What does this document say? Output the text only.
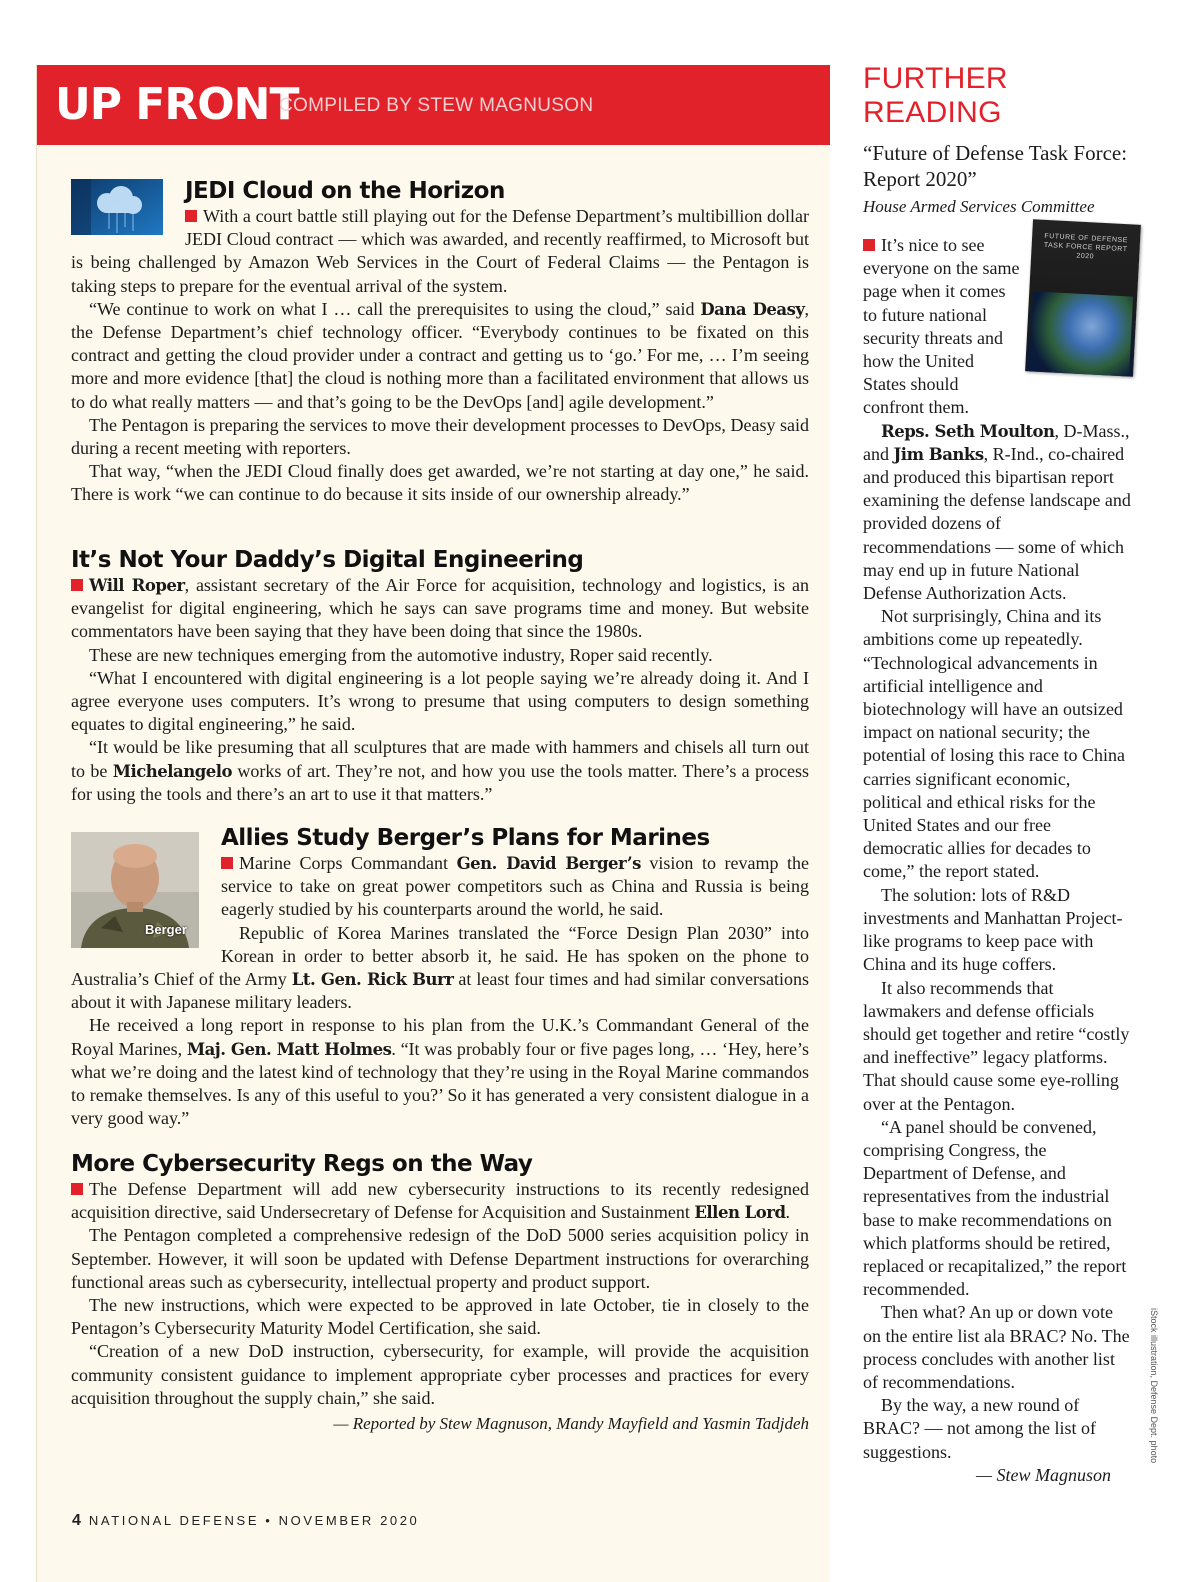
UP FRONT
COMPILED BY STEW MAGNUSON
JEDI Cloud on the Horizon

With a court battle still playing out for the Defense Department’s multibillion dollar JEDI Cloud contract — which was awarded, and recently reaffirmed, to Microsoft but is being challenged by Amazon Web Services in the Court of Federal Claims — the Pentagon is taking steps to prepare for the eventual arrival of the system.

“We continue to work on what I … call the prerequisites to using the cloud,” said Dana Deasy, the Defense Department’s chief technology officer. “Everybody continues to be fixated on this contract and getting the cloud provider under a contract and getting us to ‘go.’ For me, … I’m seeing more and more evidence [that] the cloud is nothing more than a facilitated environment that allows us to do what really matters — and that’s going to be the DevOps [and] agile development.”

The Pentagon is preparing the services to move their development processes to DevOps, Deasy said during a recent meeting with reporters.

That way, “when the JEDI Cloud finally does get awarded, we’re not starting at day one,” he said. There is work “we can continue to do because it sits inside of our ownership already.”

It’s Not Your Daddy’s Digital Engineering

Will Roper, assistant secretary of the Air Force for acquisition, technology and logistics, is an evangelist for digital engineering, which he says can save programs time and money. But website commentators have been saying that they have been doing that since the 1980s.

These are new techniques emerging from the automotive industry, Roper said recently.

“What I encountered with digital engineering is a lot people saying we’re already doing it. And I agree everyone uses computers. It’s wrong to presume that using computers to design something equates to digital engineering,” he said.

“It would be like presuming that all sculptures that are made with hammers and chisels all turn out to be Michelangelo works of art. They’re not, and how you use the tools matter. There’s a process for using the tools and there’s an art to use it that matters.”

Berger
Allies Study Berger’s Plans for Marines

Marine Corps Commandant Gen. David Berger’s vision to revamp the service to take on great power competitors such as China and Russia is being eagerly studied by his counterparts around the world, he said.

Republic of Korea Marines translated the “Force Design Plan 2030” into Korean in order to better absorb it, he said. He has spoken on the phone to Australia’s Chief of the Army Lt. Gen. Rick Burr at least four times and had similar conversations about it with Japanese military leaders.

He received a long report in response to his plan from the U.K.’s Commandant General of the Royal Marines, Maj. Gen. Matt Holmes. “It was probably four or five pages long, … ‘Hey, here’s what we’re doing and the latest kind of technology that they’re using in the Royal Marine commandos to remake themselves. Is any of this useful to you?’ So it has generated a very consistent dialogue in a very good way.”

More Cybersecurity Regs on the Way

The Defense Department will add new cybersecurity instructions to its recently redesigned acquisition directive, said Undersecretary of Defense for Acquisition and Sustainment Ellen Lord.

The Pentagon completed a comprehensive redesign of the DoD 5000 series acquisition policy in September. However, it will soon be updated with Defense Department instructions for overarching functional areas such as cybersecurity, intellectual property and product support.

The new instructions, which were expected to be approved in late October, tie in closely to the Pentagon’s Cybersecurity Maturity Model Certification, she said.

“Creation of a new DoD instruction, cybersecurity, for example, will provide the acquisition community consistent guidance to implement appropriate cyber processes and practices for every acquisition throughout the supply chain,” she said.

— Reported by Stew Magnuson, Mandy Mayfield and Yasmin Tadjdeh
4 NATIONAL DEFENSE • NOVEMBER 2020
FURTHER READING
“Future of Defense Task Force: Report 2020”
House Armed Services Committee
FUTURE OF DEFENSE TASK FORCE REPORT 2020

It’s nice to see everyone on the same page when it comes to future national security threats and how the United States should confront them.

Reps. Seth Moulton, D-Mass., and Jim Banks, R-Ind., co-chaired and produced this bipartisan report examining the defense landscape and provided dozens of recommendations — some of which may end up in future National Defense Authorization Acts.

Not surprisingly, China and its ambitions come up repeatedly. “Technological advancements in artificial intelligence and biotechnology will have an outsized impact on national security; the potential of losing this race to China carries significant economic, political and ethical risks for the United States and our free democratic allies for decades to come,” the report stated.

The solution: lots of R&D investments and Manhattan Project-like programs to keep pace with China and its huge coffers.

It also recommends that lawmakers and defense officials should get together and retire “costly and ineffective” legacy platforms. That should cause some eye-rolling over at the Pentagon.

“A panel should be convened, comprising Congress, the Department of Defense, and representatives from the industrial base to make recommendations on which platforms should be retired, replaced or recapitalized,” the report recommended.

Then what? An up or down vote on the entire list ala BRAC? No. The process concludes with another list of recommendations.

By the way, a new round of BRAC? — not among the list of suggestions.

— Stew Magnuson
iStock illustration, Defense Dept. photo
